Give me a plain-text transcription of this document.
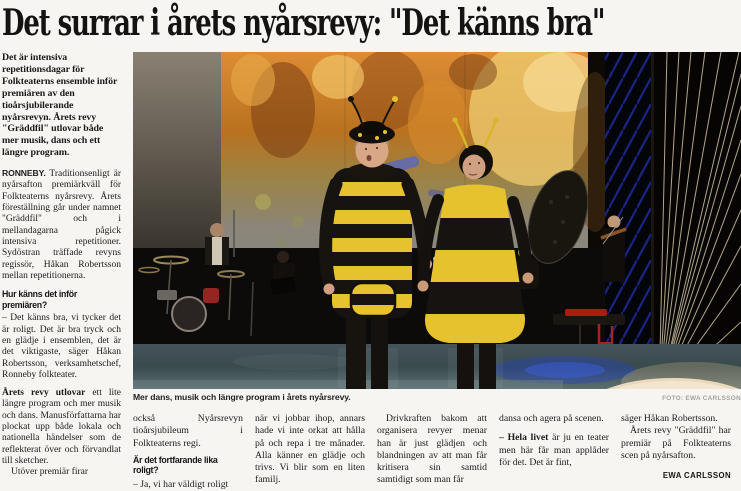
Det surrar i årets nyårsrevy: "Det känns bra"

Det är intensiva repetitionsdagar för Folkteaterns ensemble inför premiären av den tioårsjubilerande nyårsrevyn. Årets revy "Gräddfil" utlovar både mer musik, dans och ett längre program.

RONNEBY. Traditionsenligt är nyårsafton premiärkväll för Folkteaterns nyårsrevy. Årets föreställning går under namnet "Gräddfil" och i mellandagarna pågick intensiva repetitioner. Sydöstran träffade revyns regissör, Håkan Robertsson mellan repetitionerna.

Hur känns det inför premiären?

– Det känns bra, vi tycker det är roligt. Det är bra tryck och en glädje i ensemblen, det är det viktigaste, säger Håkan Robertsson, verksamhetschef, Ronneby folkteater.

Årets revy utlovar ett lite längre program och mer musik och dans. Manusförfattarna har plockat upp både lokala och nationella händelser som de reflekterat över och förvandlat till sketcher.

Utöver premiär firar

Mer dans, musik och längre program i årets nyårsrevy.	FOTO: EWA CARLSSON

också Nyårsrevyn tioårsjubileum i Folkteaterns regi.

Är det fortfarande lika roligt?

– Ja, vi har väldigt roligt

när vi jobbar ihop, annars hade vi inte orkat att hålla på och repa i tre månader. Alla känner en glädje och trivs. Vi blir som en liten familj.

Drivkraften bakom att organisera revyer menar han är just glädjen och blandningen av att man får kritisera sin samtid samtidigt som man får

dansa och agera på scenen.

– Hela livet är ju en teater men här får man applåder för det. Det är fint,

säger Håkan Robertsson.

Årets revy "Gräddfil" har premiär på Folkteaterns scen på nyårsafton.

EWA CARLSSON
